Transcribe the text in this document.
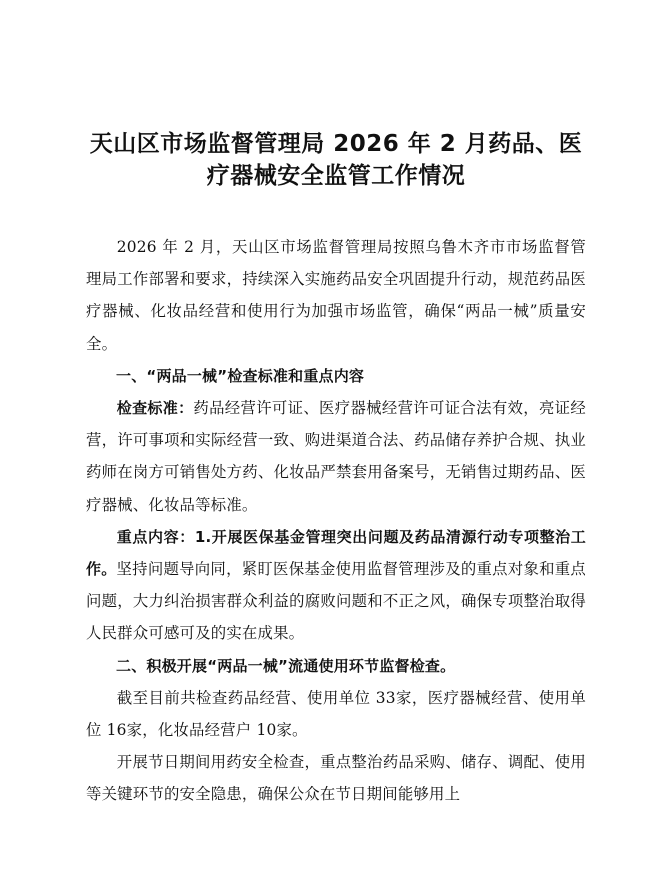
天山区市场监督管理局 2026 年 2 月药品、医
疗器械安全监管工作情况

2026 年 2 月，天山区市场监督管理局按照乌鲁木齐市市场监督管理局工作部署和要求，持续深入实施药品安全巩固提升行动，规范药品医疗器械、化妆品经营和使用行为加强市场监管，确保“两品一械”质量安全。

一、“两品一械”检查标准和重点内容

检查标准：药品经营许可证、医疗器械经营许可证合法有效，亮证经营，许可事项和实际经营一致、购进渠道合法、药品储存养护合规、执业药师在岗方可销售处方药、化妆品严禁套用备案号，无销售过期药品、医疗器械、化妆品等标准。

重点内容：1.开展医保基金管理突出问题及药品清源行动专项整治工作。坚持问题导向同，紧盯医保基金使用监督管理涉及的重点对象和重点问题，大力纠治损害群众利益的腐败问题和不正之风，确保专项整治取得人民群众可感可及的实在成果。

二、积极开展“两品一械”流通使用环节监督检查。

截至目前共检查药品经营、使用单位 33家，医疗器械经营、使用单位 16家，化妆品经营户 10家。

开展节日期间用药安全检查，重点整治药品采购、储存、调配、使用等关键环节的安全隐患，确保公众在节日期间能够用上
